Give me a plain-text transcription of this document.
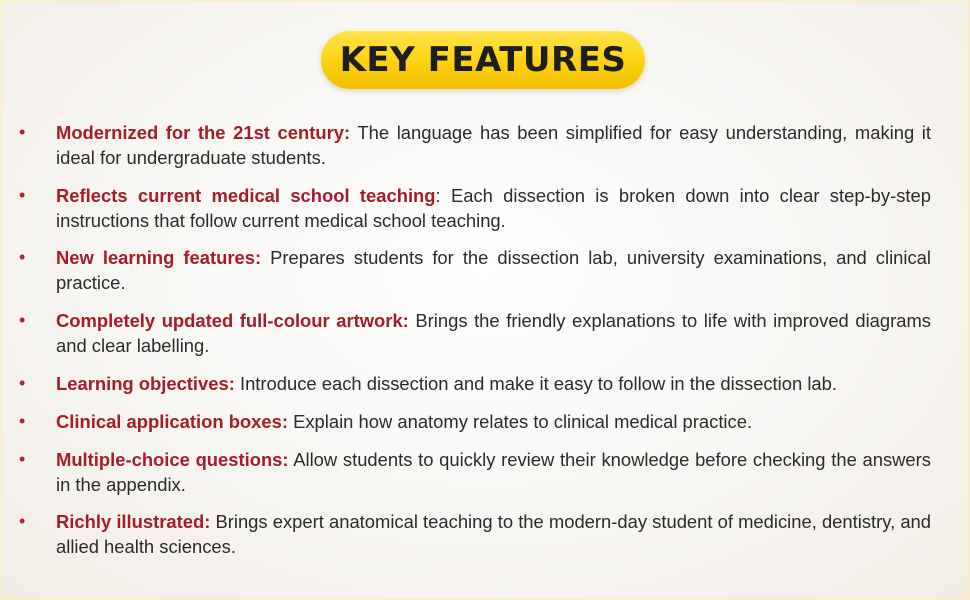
KEY FEATURES
• Modernized for the 21st century: The language has been simplified for easy understanding, making it ideal for undergraduate students.
• Reflects current medical school teaching: Each dissection is broken down into clear step-by-step instructions that follow current medical school teaching.
• New learning features: Prepares students for the dissection lab, university examinations, and clinical practice.
• Completely updated full-colour artwork: Brings the friendly explanations to life with improved diagrams and clear labelling.
• Learning objectives: Introduce each dissection and make it easy to follow in the dissection lab.
• Clinical application boxes: Explain how anatomy relates to clinical medical practice.
• Multiple-choice questions: Allow students to quickly review their knowledge before checking the answers in the appendix.
• Richly illustrated: Brings expert anatomical teaching to the modern-day student of medicine, dentistry, and allied health sciences.
